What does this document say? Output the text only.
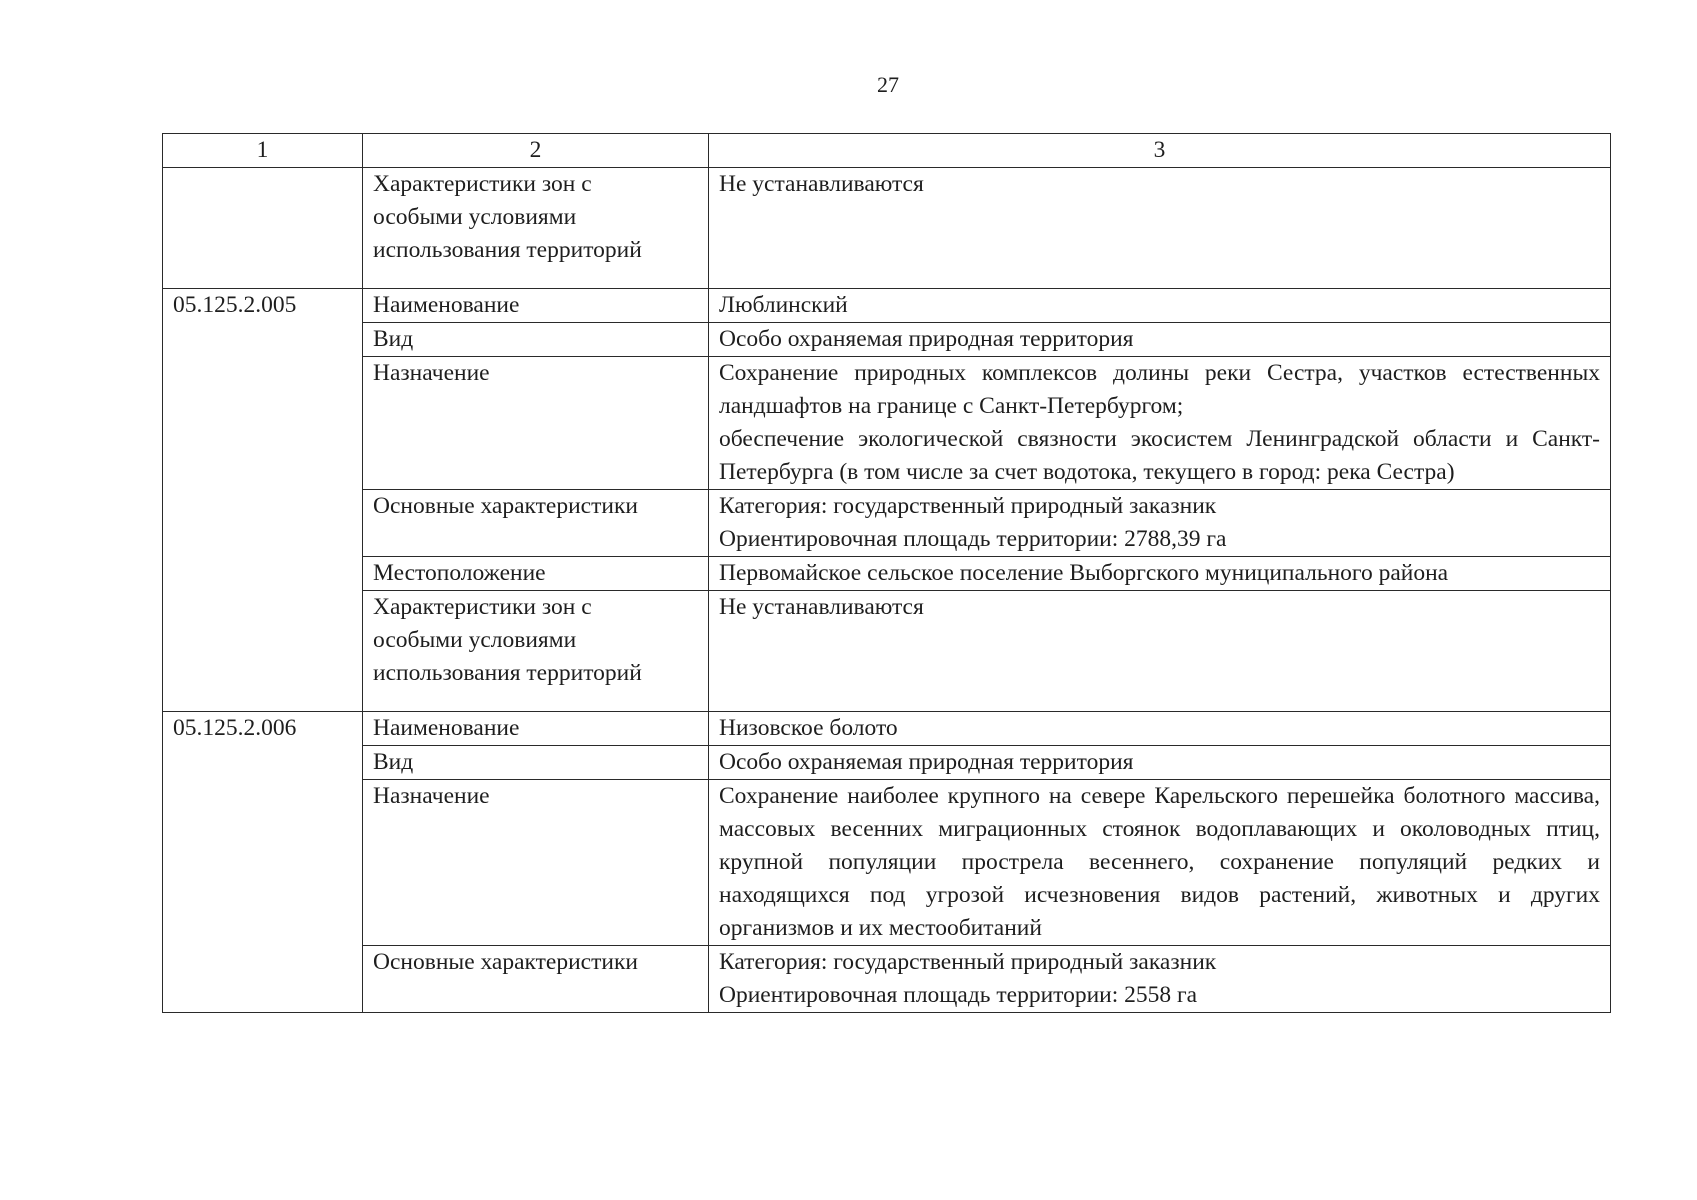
27
1	2	3
	Характеристики зон с особыми условиями использования территорий	Не устанавливаются
05.125.2.005	Наименование	Люблинский
	Вид	Особо охраняемая природная территория
	Назначение	Сохранение природных комплексов долины реки Сестра, участков естественных ландшафтов на границе с Санкт-Петербургом;
обеспечение экологической связности экосистем Ленинградской области и Санкт-Петербурга (в том числе за счет водотока, текущего в город: река Сестра)

	Основные характеристики	Категория: государственный природный заказник
Ориентировочная площадь территории: 2788,39 га

	Местоположение	Первомайское сельское поселение Выборгского муниципального района

	Характеристики зон с особыми условиями использования территорий	Не устанавливаются
05.125.2.006	Наименование	Низовское болото
	Вид	Особо охраняемая природная территория
	Назначение	Сохранение наиболее крупного на севере Карельского перешейка болотного массива, массовых весенних миграционных стоянок водоплавающих и околоводных птиц, крупной популяции прострела весеннего, сохранение популяций редких и находящихся под угрозой исчезновения видов растений, животных и других организмов и их местообитаний

	Основные характеристики	Категория: государственный природный заказник
Ориентировочная площадь территории: 2558 га
